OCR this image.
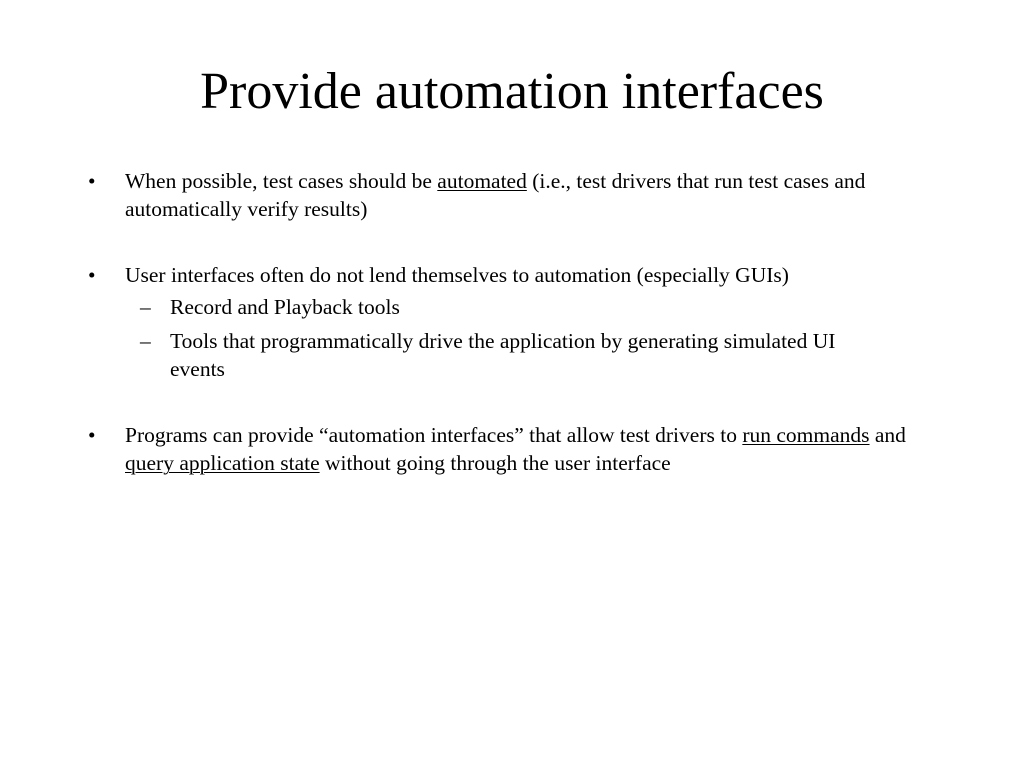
Provide automation interfaces
• When possible, test cases should be automated (i.e., test drivers that run test cases and automatically verify results)
• User interfaces often do not lend themselves to automation (especially GUIs)
– Record and Playback tools
– Tools that programmatically drive the application by generating simulated UI events
• Programs can provide “automation interfaces” that allow test drivers to run commands and query application state without going through the user interface
